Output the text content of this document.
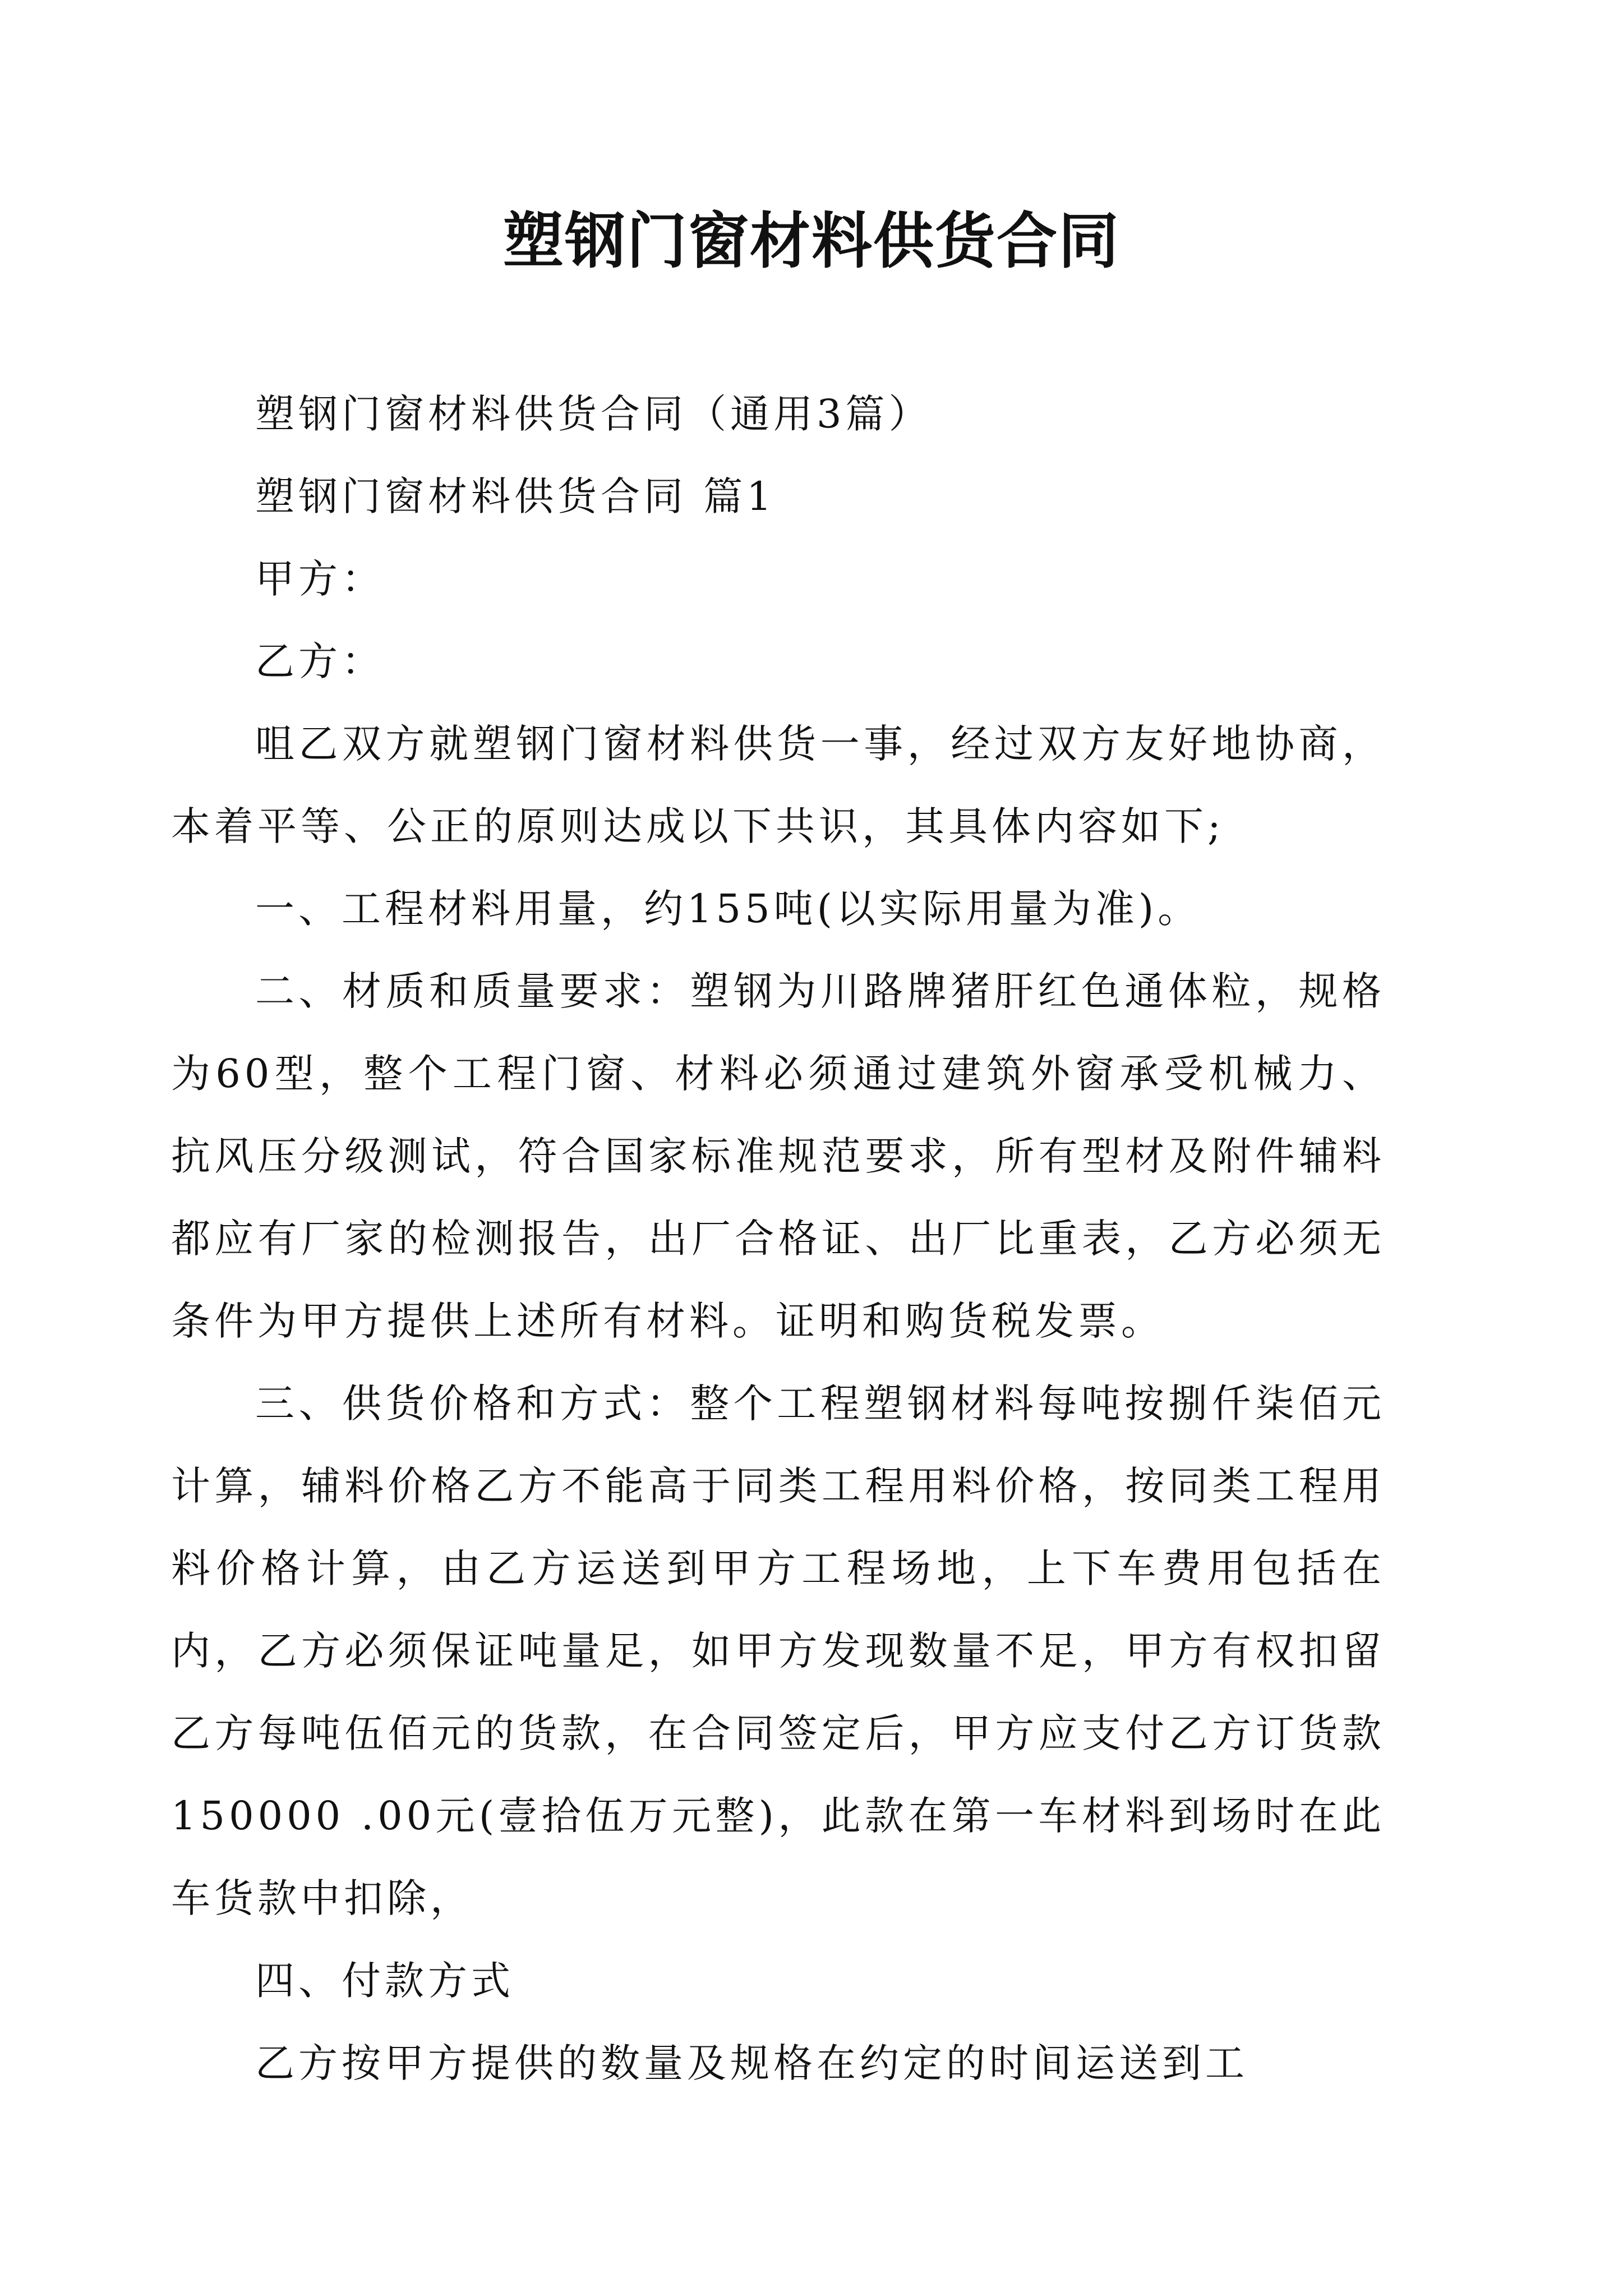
塑钢门窗材料供货合同

塑钢门窗材料供货合同（通用3篇）

塑钢门窗材料供货合同 篇1

甲方：

乙方：

咀乙双方就塑钢门窗材料供货一事，经过双方友好地协商，本着平等、公正的原则达成以下共识，其具体内容如下;

一、工程材料用量，约155吨(以实际用量为准)。

二、材质和质量要求：塑钢为川路牌猪肝红色通体粒，规格为60型，整个工程门窗、材料必须通过建筑外窗承受机械力、抗风压分级测试，符合国家标准规范要求，所有型材及附件辅料都应有厂家的检测报告，出厂合格证、出厂比重表，乙方必须无条件为甲方提供上述所有材料。证明和购货税发票。

三、供货价格和方式：整个工程塑钢材料每吨按捌仟柒佰元计算，辅料价格乙方不能高于同类工程用料价格，按同类工程用料价格计算，由乙方运送到甲方工程场地，上下车费用包括在内，乙方必须保证吨量足，如甲方发现数量不足，甲方有权扣留乙方每吨伍佰元的货款，在合同签定后，甲方应支付乙方订货款150000 .00元(壹拾伍万元整)，此款在第一车材料到场时在此车货款中扣除，

四、付款方式

乙方按甲方提供的数量及规格在约定的时间运送到工
